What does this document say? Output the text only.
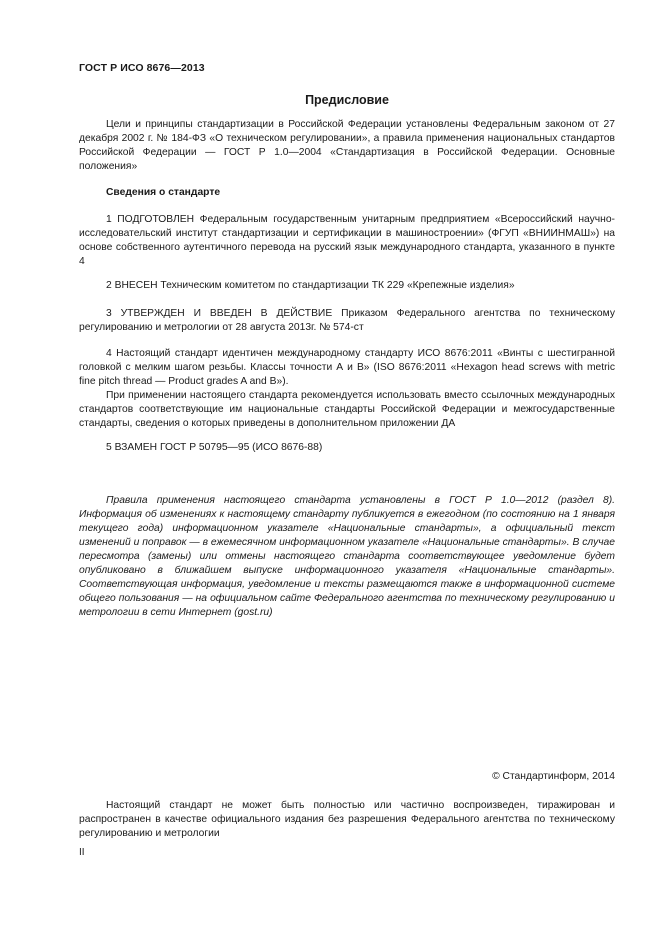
ГОСТ Р ИСО 8676—2013
Предисловие

Цели и принципы стандартизации в Российской Федерации установлены Федеральным законом от 27 декабря 2002 г. № 184-ФЗ «О техническом регулировании», а правила применения национальных стандартов Российской Федерации — ГОСТ Р 1.0—2004 «Стандартизация в Российской Федерации. Основные положения»

Сведения о стандарте

1 ПОДГОТОВЛЕН Федеральным государственным унитарным предприятием «Всероссийский научно-исследовательский институт стандартизации и сертификации в машиностроении» (ФГУП «ВНИИНМАШ») на основе собственного аутентичного перевода на русский язык международного стандарта, указанного в пункте 4

2 ВНЕСЕН Техническим комитетом по стандартизации ТК 229 «Крепежные изделия»

3 УТВЕРЖДЕН И ВВЕДЕН В ДЕЙСТВИЕ Приказом Федерального агентства по техническому регулированию и метрологии от 28 августа 2013г. № 574-ст

4 Настоящий стандарт идентичен международному стандарту ИСО 8676:2011 «Винты с шестигранной головкой с мелким шагом резьбы. Классы точности А и В» (ISO 8676:2011 «Hexagon head screws with metric fine pitch thread — Product grades A and B»).

При применении настоящего стандарта рекомендуется использовать вместо ссылочных международных стандартов соответствующие им национальные стандарты Российской Федерации и межгосударственные стандарты, сведения о которых приведены в дополнительном приложении ДА

5 ВЗАМЕН ГОСТ Р 50795—95 (ИСО 8676-88)

Правила применения настоящего стандарта установлены в ГОСТ Р 1.0—2012 (раздел 8). Информация об изменениях к настоящему стандарту публикуется в ежегодном (по состоянию на 1 января текущего года) информационном указателе «Национальные стандарты», а официальный текст изменений и поправок — в ежемесячном информационном указателе «Национальные стандарты». В случае пересмотра (замены) или отмены настоящего стандарта соответствующее уведомление будет опубликовано в ближайшем выпуске информационного указателя «Национальные стандарты». Соответствующая информация, уведомление и тексты размещаются также в информационной системе общего пользования — на официальном сайте Федерального агентства по техническому регулированию и метрологии в сети Интернет (gost.ru)

© Стандартинформ, 2014

Настоящий стандарт не может быть полностью или частично воспроизведен, тиражирован и распространен в качестве официального издания без разрешения Федерального агентства по техническому регулированию и метрологии

II
